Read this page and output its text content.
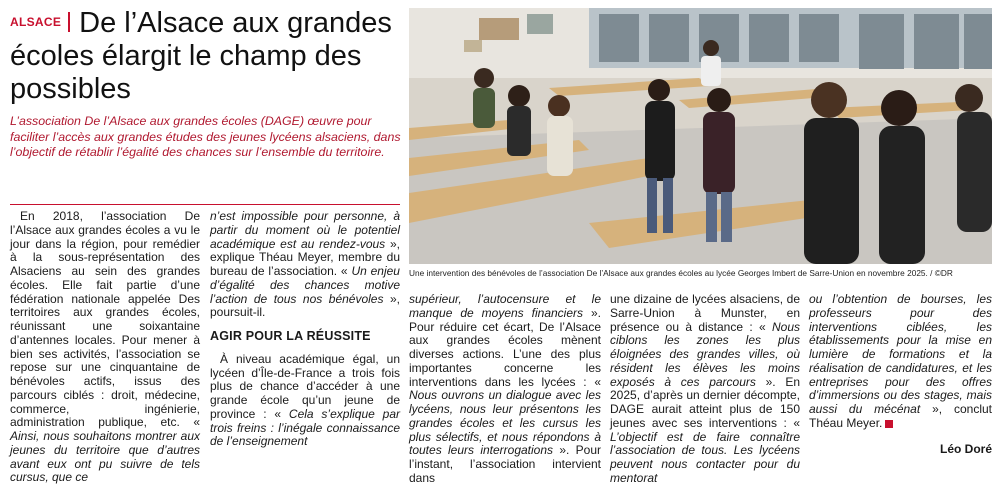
ALSACE De l’Alsace aux grandes
écoles élargit le champ des
possibles
L’association De l’Alsace aux grandes écoles (DAGE) œuvre pour faciliter l’accès aux grandes études des jeunes lycéens alsaciens, dans l’objectif de rétablir l’égalité des chances sur l’ensemble du territoire.

En 2018, l’association De l’Alsace aux grandes écoles a vu le jour dans la région, pour remédier à la sous-représentation des Alsaciens au sein des grandes écoles. Elle fait partie d’une fédération nationale appelée Des territoires aux grandes écoles, réunissant une soixantaine d’antennes locales. Pour mener à bien ses activités, l’association se repose sur une cinquantaine de bénévoles actifs, issus des parcours ciblés : droit, médecine, commerce, ingénierie, administration publique, etc. « Ainsi, nous souhaitons montrer aux jeunes du territoire que d’autres avant eux ont pu suivre de tels cursus, que ce

n’est impossible pour personne, à partir du moment où le potentiel académique est au rendez-vous », explique Théau Meyer, membre du bureau de l’association. « Un enjeu d’égalité des chances motive l’action de tous nos bénévoles », poursuit-il.

AGIR POUR LA RÉUSSITE

À niveau académique égal, un lycéen d’Île-de-France a trois fois plus de chance d’accéder à une grande école qu’un jeune de province : « Cela s’explique par trois freins : l’inégale connaissance de l’enseignement

Une intervention des bénévoles de l’association De l’Alsace aux grandes écoles au lycée Georges Imbert de Sarre-Union en novembre 2025. / ©DR

supérieur, l’autocensure et le manque de moyens financiers ». Pour réduire cet écart, De l’Alsace aux grandes écoles mènent diverses actions. L’une des plus importantes concerne les interventions dans les lycées : « Nous ouvrons un dialogue avec les lycéens, nous leur présentons les grandes écoles et les cursus les plus sélectifs, et nous répondons à toutes leurs interrogations ». Pour l’instant, l’association intervient dans

une dizaine de lycées alsaciens, de Sarre-Union à Munster, en présence ou à distance : « Nous ciblons les zones les plus éloignées des grandes villes, où résident les élèves les moins exposés à ces parcours ». En 2025, d’après un dernier décompte, DAGE aurait atteint plus de 150 jeunes avec ses interventions : « L’objectif est de faire connaître l’association de tous. Les lycéens peuvent nous contacter pour du mentorat

ou l’obtention de bourses, les professeurs pour des interventions ciblées, les établissements pour la mise en lumière de formations et la réalisation de candidatures, et les entreprises pour des offres d’immersions ou des stages, mais aussi du mécénat », conclut Théau Meyer.

Léo Doré
